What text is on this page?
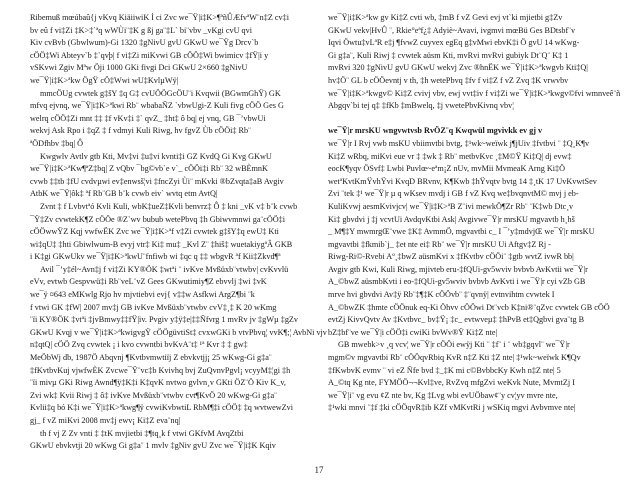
Ribemuß mœúbaû{j vKvq KiäiiwiK İ ci Zvc we¯Ÿ|i‡K>¶ªñÛÆfvªW¨n‡Z cv‡i
bv eû f vi‡Zi ‡K>‡`ªq wWÙi¨‡K g ßj ga¨‡L` bi¨vbv _vKgi cvU qvi
Kiv cvBvb (Gbwlwum)-Gi 1320 ‡gNivU gvU GKwU we¯Ÿg Drcv`b
cÖÖ‡Wi Abteyv`b ‡`qvþ| f vi‡Zi miKvwi GB cÖÖ‡Wi bwimicv ‡fŸ|i y
vSKvwi Zgiv Mªw Öji 1000 GKi fivgi Dci GKwU 2×660 ‡gNivU
we¯Ÿ|i‡K>ªkw ÖgŸ cÖ‡Wwi wU‡KvlµWÿ|
mmcÖUg cvwtek g‡šY ‡q G‡ cvUÖÖGcÖU¨i Kvqwii (BGwmGhŸ) GK
mfvq ejvnq, we¯Ÿ|i‡K>ªkwi Rb¨ wbabaÑZ `vbwUgi-Z Kuli fivg cÖÖ Ges G
welrq cÖÖ‡Zi mnt ‡‡ ‡f vKv‡i ‡` qvZ_ ‡ht‡ ô bq| ej vnq, GB ¯’vbwUi
wekvj Ask Rpo i ‡qZ ‡ f vdmyi Kuli Riwg, hv fgvZ Ùb cÖÖi‡ Rb¨
ªÖDfhbv ‡bq| Ô
Kwgwlv Avtlv gtb Kti, Mv‡vi ‡u‡vi kvnti‡i GZ KvdQ Gi Kvg GKwU
we¯Ÿ|i‡K>ªKw¶ªZ‡bq| Z vQbv ¯bg©vb`e v`_ cÖÖi‡i Rb¨ 32 wBÈmnK
cvwb ‡‡tb ‡fU cvdvµwi ev‡enwsš¦vi ‡fncZyi Ùi¨ mKvki ®bZvqta‡aB Avgiv
AtbK we¯Ÿ|ôk‡ ªf Rb¨GB b¨k cvwb eiv` wvtq etm AvtQ|
Zvnt ‡ f Lvbvtªó Kvli Kuli, wbK‡ueZ‡Kvli benvrz‡ Ô ‡ kni _vK v‡ b¨k cvwb
¯Ÿ‡Zv cvwtekK¶Z cÖÖe ®Z`wv bubub wetePbvq ‡h Gbiwvmnwi ga¨cÖÖ‡i
cÖÖwwŸZ Kqj vwfwËK Zvc we¯Ÿ|i‡K>ªf v‡Zi cvwtek g‡šY‡q ewU‡ Kti
wi‡qU‡ ‡hti Gbiwlwum-B evyj vtr‡ Ki‡ mu‡ _Kvl Z¨ ‡hiš‡ wuetakiygªÂ GKB
i K‡gi GKwUkv we¯Ÿ|i‡K>ªkwU¨fnfiwb wi ‡qc q ‡‡ wbgvR ªf Kii‡Zkvd¶ª
Avil ¯’y‡él~Avn‡j f vi‡Zi KY®ÖK ‡wtªi ¨ ivKve Mvßüxb¨vtwbv| cvKvvlü
eVv, evtwb Gespvwü‡i Rb¨veL¨vZ Gees GKwutimiy¶Z ebvvlj ‡wi ‡vK
we¯ÿ ¤643 eMKwlg Rjo hv mjvtiebvi evj{ v‡‡w Asfkwi ArgZ¶bi ¨k
f vtwi GK ‡fW| 2007 mv‡j GB ivKve Mvßüxb¨vtwbv cvV‡¸‡ K 20 wKmg
¨ïi KY®ÖK ‡vtªi ‡jvBmwy‡‡fŸ|iv. Pvgiv y‡ÿ‡e|‡‡Ñfvrg 1 mvRv jv ‡gWµ ‡gZv
GKwU Kvqj v we¯Ÿ|i‡K>ªkwigvgŸ cÖÖgüvtiSt‡ cvxwGKi b vtvPbvq¦ vvK¶;¦ AvbNi vjv
n‡qtQ| cÖÖ Zvq cvwtek ¡ i kvo cvwntbi bvKvA¨t‡ ¹ª Kvr ‡ ‡ gw‡
MeÖbWj db, 1987Ö Abqvnj ¶Kvtbvmwtiïj Z ebvkvtjj¡ 25 wKwg-Gi g‡a¨
‡fKvtbvKuj vjwfwÈK Zvcwe¯Ÿ¨vc‡b Kvivhq bvj ZuQvnvPgvl¡ vcyyM‡¦gi ‡h
¨ïi mivµ GKi Riwg Awnd¶ÿ‡K‡i K‡qvK nvtwo gvlvn¸v GKti ÖZ¨Ö Kiv K_v,
Zvi wk‡ Kvii Riwj ‡ ô‡ ivKve Mvßüxb¨vtwbv cvt¶KvÖ 20 wKwg-Gi g‡a¨
Kvlii‡q bó K‡i we¯Ÿ|i‡K>ªkwg¶ÿ cvwiKvbwtiL RbM¶‡i cÖÖ‡ ‡q wvtwewZvi
gj_ f vZ miKvi 2008 mv‡j ewv¡ Ki‡Z eva¨nq|
th f vj Z Zv vnti ‡ ‡tK mvjietbi ‡¶tq¸k f vtwi GKfvM AvqZtbi
GKwU ebvkvtji 20 wKwg Gi g‡a¨ 1 mvlv ‡gNiv gvU Zvc we¯Ÿ|i‡K Kqiv
we¯Ÿ|i‡K>ªkw gv Ki‡Z cvti wb, ‡mB f vZ Gevi evj vt`ki mjietbi g‡Zv
GKwU vekv|HvÛ ¨, Rkie°eªf¿‡ Adyiè~Avavi, ivgmvi mœBü Ges BDtsbf¨v
Iqvi Öwtu‡vLªR e‡j ¶fvwZ cuyvex egEq g‡vMwi ebvK‡i Ö gvU 14 wKwg-
Gi g‡a¨, Kuli Riwj ‡ cvwtek aüsm Kti, mvRvi mvRvi gubiyk Dt¨Q¨ K‡ 1
mvRvi 320 ‡gNivU gvU GKwU wekvj Zvc ®hnËK we¯Ÿ|i‡K>ªkwgvb Kti‡Q|
hv‡Ö¨ GL b cÖÖevntj v th, ‡h wetePbvq ‡fv f vi‡Z f vZ Zvq ‡K vrwvbv
we¯Ÿ|i‡K>ªkwgv© Ki‡Z cvivj vbv, ewj vvt‡iv f vi‡Zi we¯Ÿ|i‡K>ªkwgv©fvi wmnveê¨ñ
Abgqv`bi tej q‡ ‡fKb ‡mBwelq, ‡j vwetePbvKivnq vbv¦

we¯Ÿ|r mrsKU wngvwtvsb RvÖZ¨q Kwqwül mgvivkk ev gj v
we¯Ÿ|r I Rvj vwb msKU vbiimvtbi bvtg, ‡¹wk~weïwk j¶jUiv ‡fvtbvi ¨ ‡Q¸K¶v
Ki‡Z wRbq, miKvi eue vr ‡ ‡wk ‡ Rb¨ metbvKvc ¸‡M©Ÿ Ki‡Q| dj evw‡
eocK¶yqv ÖSvf‡ Lwbi Puvlœ~eªm¡Z nUv, mvMii MvmeaK Arng Ki‡Ö
wetªKvtKmŸvhŸvi KvqD BRvnv, K¶Kwb ‡hŸvqtv bvtg 14 ‡¸tK 17 UvKvwtSev
Zvi ¨tek ‡¹ we¯Ÿ|r µ q wKsev mvdj i GB f vZ Kvq we‡bvqnvtM© mvj j eb-
KuliKvwj aesmKvivjcv| we¯Ÿ|i‡K>ªB Z¨ivi mewkÖ¶Zr Rb¨ ¨K‡wb Dtc¸v
Ki‡ gbvdvi j ‡j vcvtUi AvdqvKtbi Ask| Avgivwe¯Ÿ|r mrsKU mgvavtb h¸hš
_ M¶‡Y mwmrgŒ¨vwe ‡K‡ AvmmÖ, mgvavtbi c_ I ¯’y‡mdvjŒ we¯Ÿ|r mrsKU
mgvavtbi ‡fkmib`j_ ‡eŧ nte ei‡ Rb¨ we¯Ÿ|r mrsKU Ui Aftgv‡Z Rj -
Riwg-Ri©-Rvebi Aº¸‡bwZ aüsmKvi x ‡fKvtbv cÖÖi¨ ‡gtb wvtZ ivwR bb|
Avgiv gtb Kwi, Kuli Riwg, mjivteb eru-‡fQUi-gv5wviv bvbvb AvKvtii we¯Ÿ|r
A_©bwZ aüsmbKvti i eo-‡fQUi-gv5wviv bvbvb AvKvti i we¯Ÿ|r cyi vZb GB
mrve hvi gbvdvi Av‡ÿ Rb¨‡¶‡K cÖÖvb¨ ‡¨qvnÿ| evtnvihtm cvwtek I
A_©bwZK ‡hmte cÖÖnuk eq-Ki Öhvv cÖÖwi Dt¨vcb K‡ni®¨qZvc cvwtek GB cÖÖ
evtZj KivvQvtv Av ‡Kvtbvc_ bv‡Ÿ¡ ‡c_ evtwveµ‡ ‡hPvB et‡Qgbvi gva¨tg B
bZ‡bf¨ve we¯Ÿ|i cÖÖ‡i cwiKi bvWv®Ÿ Ki‡Z nte|
GB mwebk>v ¸q vcv¦ we¯Ÿ|r cÖÖi ewÿj Kti ¨ ‡f¨ i ¨ wb‡gqvl¨ we¯Ÿ|r
mgm©v mgvavtbi Rb¨ cÖÖqvRbiq KvR n‡Z Kti ‡Z nte| ‡¹wk~weïwk K¶Qv
‡fKwbvK evmv ¨ vi eZ Ñfe bvd ‡_‡K mi c©BvbbcKy Kwh n‡Z nte| 5
A_©tq Kg nte, FYMÖÖ¬¬Kvl‡ve, RvZvq mfgZvi weKvk Nute, MvmtZj I
we¯Ÿ|i¨ vg evu ¢Z nte bv, Kg ‡Lvg wbi evUÖbaw¢¨y cv¦yv mvre nte,
‡¹wki mnvi ¨‡f ‡ki cÖÖqvR‡ib KZf vMKvtRi j wSKiq mgvi Avbvmve nte|
17
